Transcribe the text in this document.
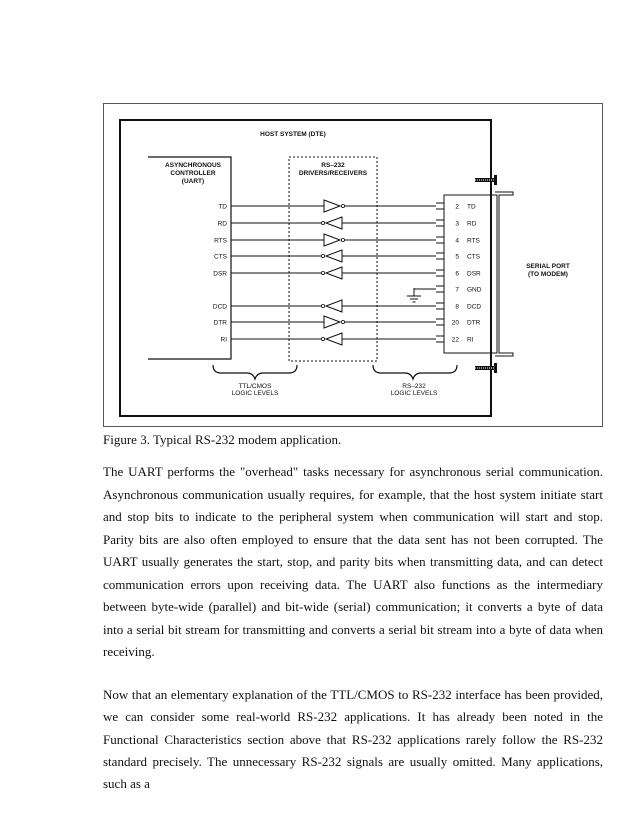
HOST SYSTEM (DTE)
ASYNCHRONOUS
CONTROLLER
(UART)
RS–232
DRIVERS/RECEIVERS
SERIAL PORT
(TO MODEM)
TD	2 TD
RD	3 RD
RTS	4 RTS
CTS	5 CTS
DSR	6 DSR
7 GND
DCD	8 DCD
DTR	20 DTR
RI	22 RI
TTL/CMOS
LOGIC LEVELS
RS–232
LOGIC LEVELS
Figure 3. Typical RS-232 modem application.

The UART performs the "overhead" tasks necessary for asynchronous serial communication. Asynchronous communication usually requires, for example, that the host system initiate start and stop bits to indicate to the peripheral system when communication will start and stop. Parity bits are also often employed to ensure that the data sent has not been corrupted. The UART usually generates the start, stop, and parity bits when transmitting data, and can detect communication errors upon receiving data. The UART also functions as the intermediary between byte-wide (parallel) and bit-wide (serial) communication; it converts a byte of data into a serial bit stream for transmitting and converts a serial bit stream into a byte of data when receiving.

Now that an elementary explanation of the TTL/CMOS to RS-232 interface has been provided, we can consider some real-world RS-232 applications. It has already been noted in the Functional Characteristics section above that RS-232 applications rarely follow the RS-232 standard precisely. The unnecessary RS-232 signals are usually omitted. Many applications, such as a
